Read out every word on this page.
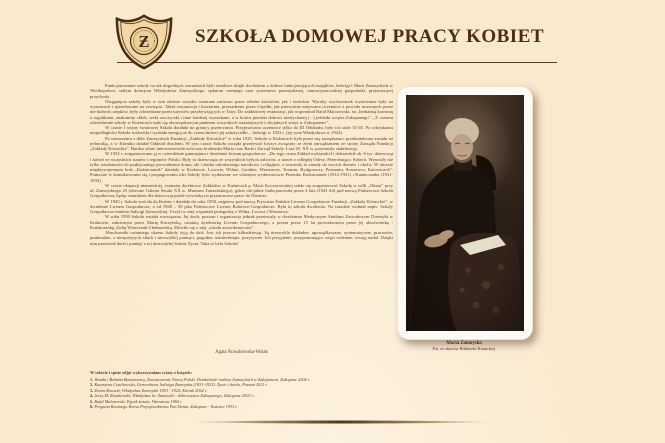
Ƶ SZKOŁA DOMOWEJ PRACY KOBIET

Funkcjonowanie szkoły na tak dogodnych warunkach było możliwe dzięki dochodom z dobrze funkcjonujących majątków Jadwigi i Marii Zamoyskich w Wielkopolsce, stałym dotacjom Władysława Zamoyskiego, opłatom czesnego oraz systemowi przemyślanej, samowystarczalnej gospodarki, przynoszącej przychody.

Osiągnięcia szkoły były w tym okresie wysoko oceniane zarówno przez władze kościelne, jak i świeckie. Wyroby wychowanek wystawiane były na wystawach i sprzedawane na zewnątrz. Także restauracja i kawiarnia, prowadzone przez Cepelki, jak pierwotnie nazywano uczennice z powodu noszonych przez nie białych czepków, były odwiedzane przez turystów przybywających w Tatry. Do zakładowej restauracji, jak wspominał Rafał Malczewski, na „herbatnią kawunię z rogalikami, znakomity chleb, serki owczyczki i inne bardziej wyszukane, a w końcu pierniki dobroci niesłychanej (...) jeździła socjeta Zakopanego”. „Z czasem odwiedzenie szkoły w Kuźnicach stało się obowiązkowym punktem wszystkich ważniejszych i oficjalnych wizyt w Zakopanem”.

W czasie I wojny światowej Szkoła działała na granicy przetrwania. Przyjmowano uczennice tylko do III Oddziału, było ich stale 35-45. Po odzyskaniu niepodległości Szkoła rozkwitła i tryskała energią aż do czasu śmierci jej założycielki – Jadwigi w 1923 r. (jej syna Władysława w 1924).

Po utworzeniu z dóbr Zamoyskich Fundacji „Zakłady Kórnickie” w roku 1925, Szkoła w Kuźnicach była przez nią zarządzana i przekształcona została na jednostkę, a w Kórniku działał Oddział dwuletni. W tym czasie Szkoła zaczęła przeżywać kryzys związany ze złym zarządzaniem ze strony Zarządu Fundacji „Zakłady Kórnickie”. Bardzo silnie interweniowała wówczas hrabianka Maria oraz Rada i Zarząd Szkoły. Lata 30. XX w. przyniosły stabilizację.

W 1932 r. zorganizowano ją w czteroletnie gimnazjum i dwuletnie liceum gospodarcze. „Do tego czasu Zakład wykształcił i dokształcił ok. 6 tys. dziewcząt i kobiet ze wszystkich stanów i regionów Polski. Były to dziewczęta ze wszystkich byłych zaborów, a nawet z odległej Odesy, Petersburga i Syberii. Wynosiły nie tylko wiadomości do praktycznego prowadzenia domu, ale i ducha odrodzonego narodowo i religijnie, a rozniosły te zasady do swoich domów i okolic. W okresie międzywojennym koła „Kuźniczanek” działały w Krakowie, Lwowie, Wilnie, Grodnie, Warszawie, Toruniu, Bydgoszczy, Poznaniu, Sosnowcu, Katowicach”. Pomocne w kontaktowaniu się i propagowaniu idei Szkoły było wydawane we własnym wydawnictwie Pisemko Kuźniczanek (1912-1931) i Kuźniczanka (1931-1933).

W czasie okupacji niemieckiej, ostatniej dyrektorce Zakładów w Kuźnicach p. Marii Koczorowskiej udało się zorganizować Szkołę w willi „Oksza” przy ul. Zamoyskiego 25 (obecnie Galeria Sztuki XX w. Muzeum Tatrzańskiego), gdzie oficjalnie funkcjonowała przez 4 lata (1941-44) pod nazwą Państwowa Szkoła Gospodarcza, będąc ratunkiem dla dziewcząt przed wywózką na przymusowe prace do Niemiec.

W 1945 r. Szkoła wróciła do Kuźnic i działała do roku 1950, najpierw pod nazwą Prywatne Żeńskie Liceum Gospodarcze Fundacji „Zakłady Kórnickie”, w dwuletnie Liceum Gospodarcze, a od 1948 – 50 jako Państwowe Liceum Rolniczo-Gospodarcze. Była to szkoła dwuletnia. Na fasadzie widniał napis: Szkoły Gospodarcze imienia Jadwigi Zamoyskiej. Uczyli w niej wspaniali pedagodzy z Wilna, Lwowa i Warszawy.

W roku 1950 Szkoła została rozwiązana. Jej duch, poziom i organizacja jednak przetrwały w dwuletnim Medycznym Studium Zawodowym Dietetyki w Krakowie, założonym przez Marię Kaczyńską, ostatnią dyrektorkę Liceum Gospodarczego, a potem przez 15 lat prowadzonym przez jej absolwentkę - Kuźniczankę, Zofię Wiszczenk-Chełmońską. Mówiło się o niej „szkoła arystokratyczna”.

Absolwentki ostatniego okresu Szkoły żyją do dziś. Jest ich jeszcze kilkadziesiąt. Są niezwykle dokładne, uporządkowane, systematyczne, pracowite, punktualne, o niespożytych siłach i niezwykłej pamięci, pogodne, uśmiechnięte, pozytywne. Ich przyjaźnie, przypominające więzi rodzinne, trwają nadal. Dzięki nim przetrwał duch i pamięć o tej niezwykłej Szkole Życia. Taka to była Szkoła!

Agata Nowakowska-Wolak
W tekście i spisie zdjęć wykorzystałam cytaty z książek:
1. Wanda i Bohdan Baranowscy, Zwiastowanie Nowej Polski. Działalność rodziny Zamoyskich w Zakopanem, Zakopane 2004 r.
2. Katarzyna Czachowska, Generałowa Jadwiga Zamoyska (1831-1923). Życie i dzieło, Poznań 2011 r.
3. Zenon Bosacki, Władysław Zamoyski 1853 - 1924, Kórnik 2002 r.
4. Jerzy M. Roszkowski, Władysław hr. Zamoyski - dobroczyńca Zakopanego, Zakopane 2003 r.
5. Rafał Malczewski, Pępek świata, Warszawa 1960 r.
6. Program Rocznego Kursu Przysposobienia Pań Domu, Zakopane - Kuźnice 1933 r.
Maria Zamoyska
Fot. ze zbiorów Biblioteki Kórnickiej
